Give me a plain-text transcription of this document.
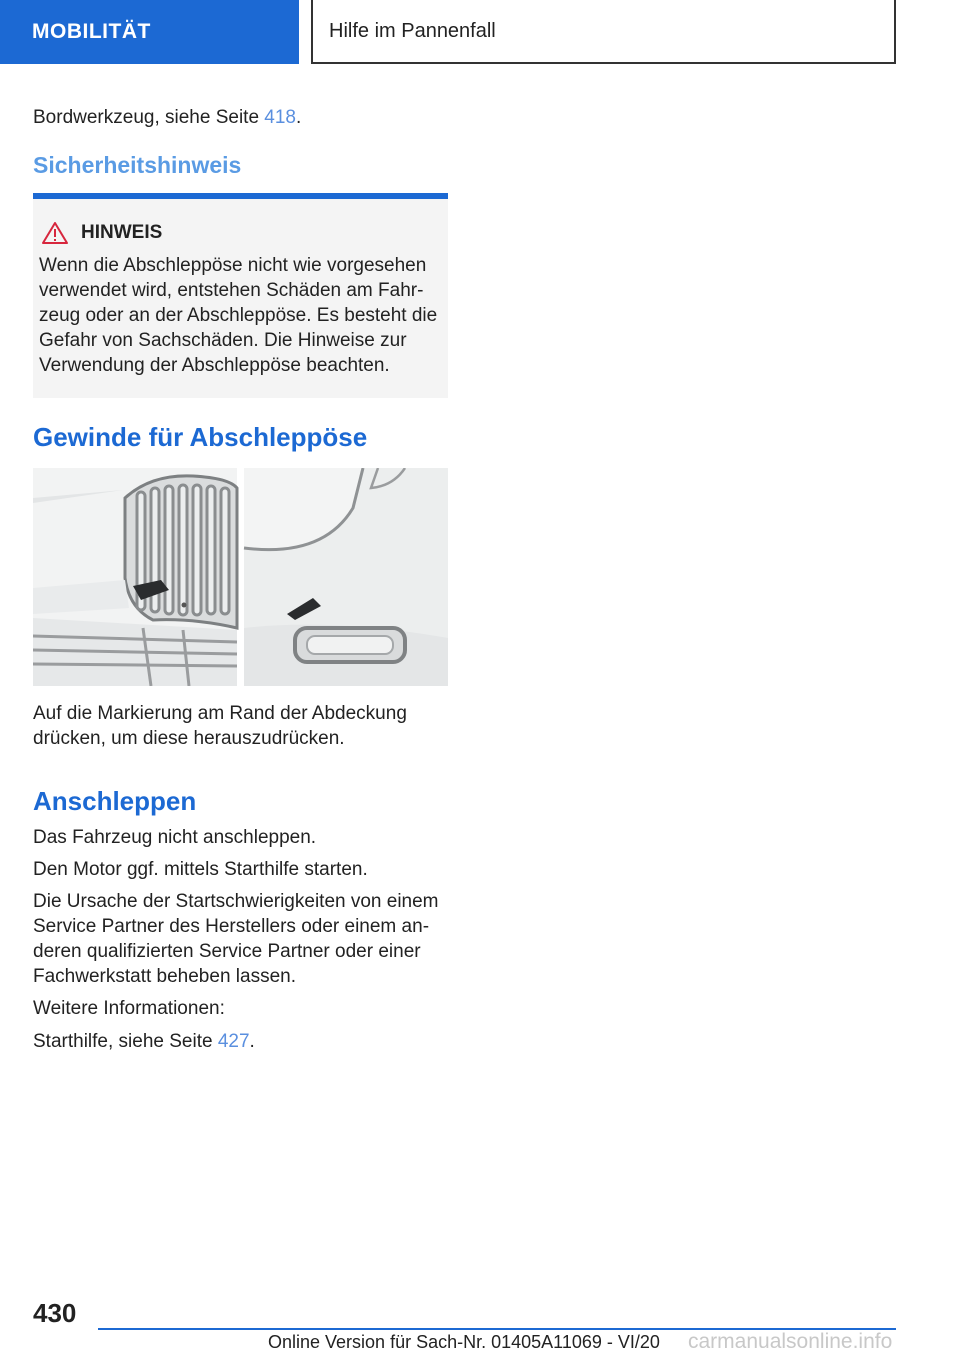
MOBILITÄT	Hilfe im Pannenfall

Bordwerkzeug, siehe Seite 418.

Sicherheitshinweis
HINWEIS

Wenn die Abschleppöse nicht wie vorgesehen verwendet wird, entstehen Schäden am Fahrzeug oder an der Abschleppöse. Es besteht die Gefahr von Sachschäden. Die Hinweise zur Verwendung der Abschleppöse beachten.

Gewinde für Abschleppöse

Auf die Markierung am Rand der Abdeckung drücken, um diese herauszudrücken.

Anschleppen

Das Fahrzeug nicht anschleppen.

Den Motor ggf. mittels Starthilfe starten.

Die Ursache der Startschwierigkeiten von einem Service Partner des Herstellers oder einem anderen qualifizierten Service Partner oder einer Fachwerkstatt beheben lassen.

Weitere Informationen:

Starthilfe, siehe Seite 427.

430
Online Version für Sach-Nr. 01405A11069 - VI/20 carmanualsonline.info
